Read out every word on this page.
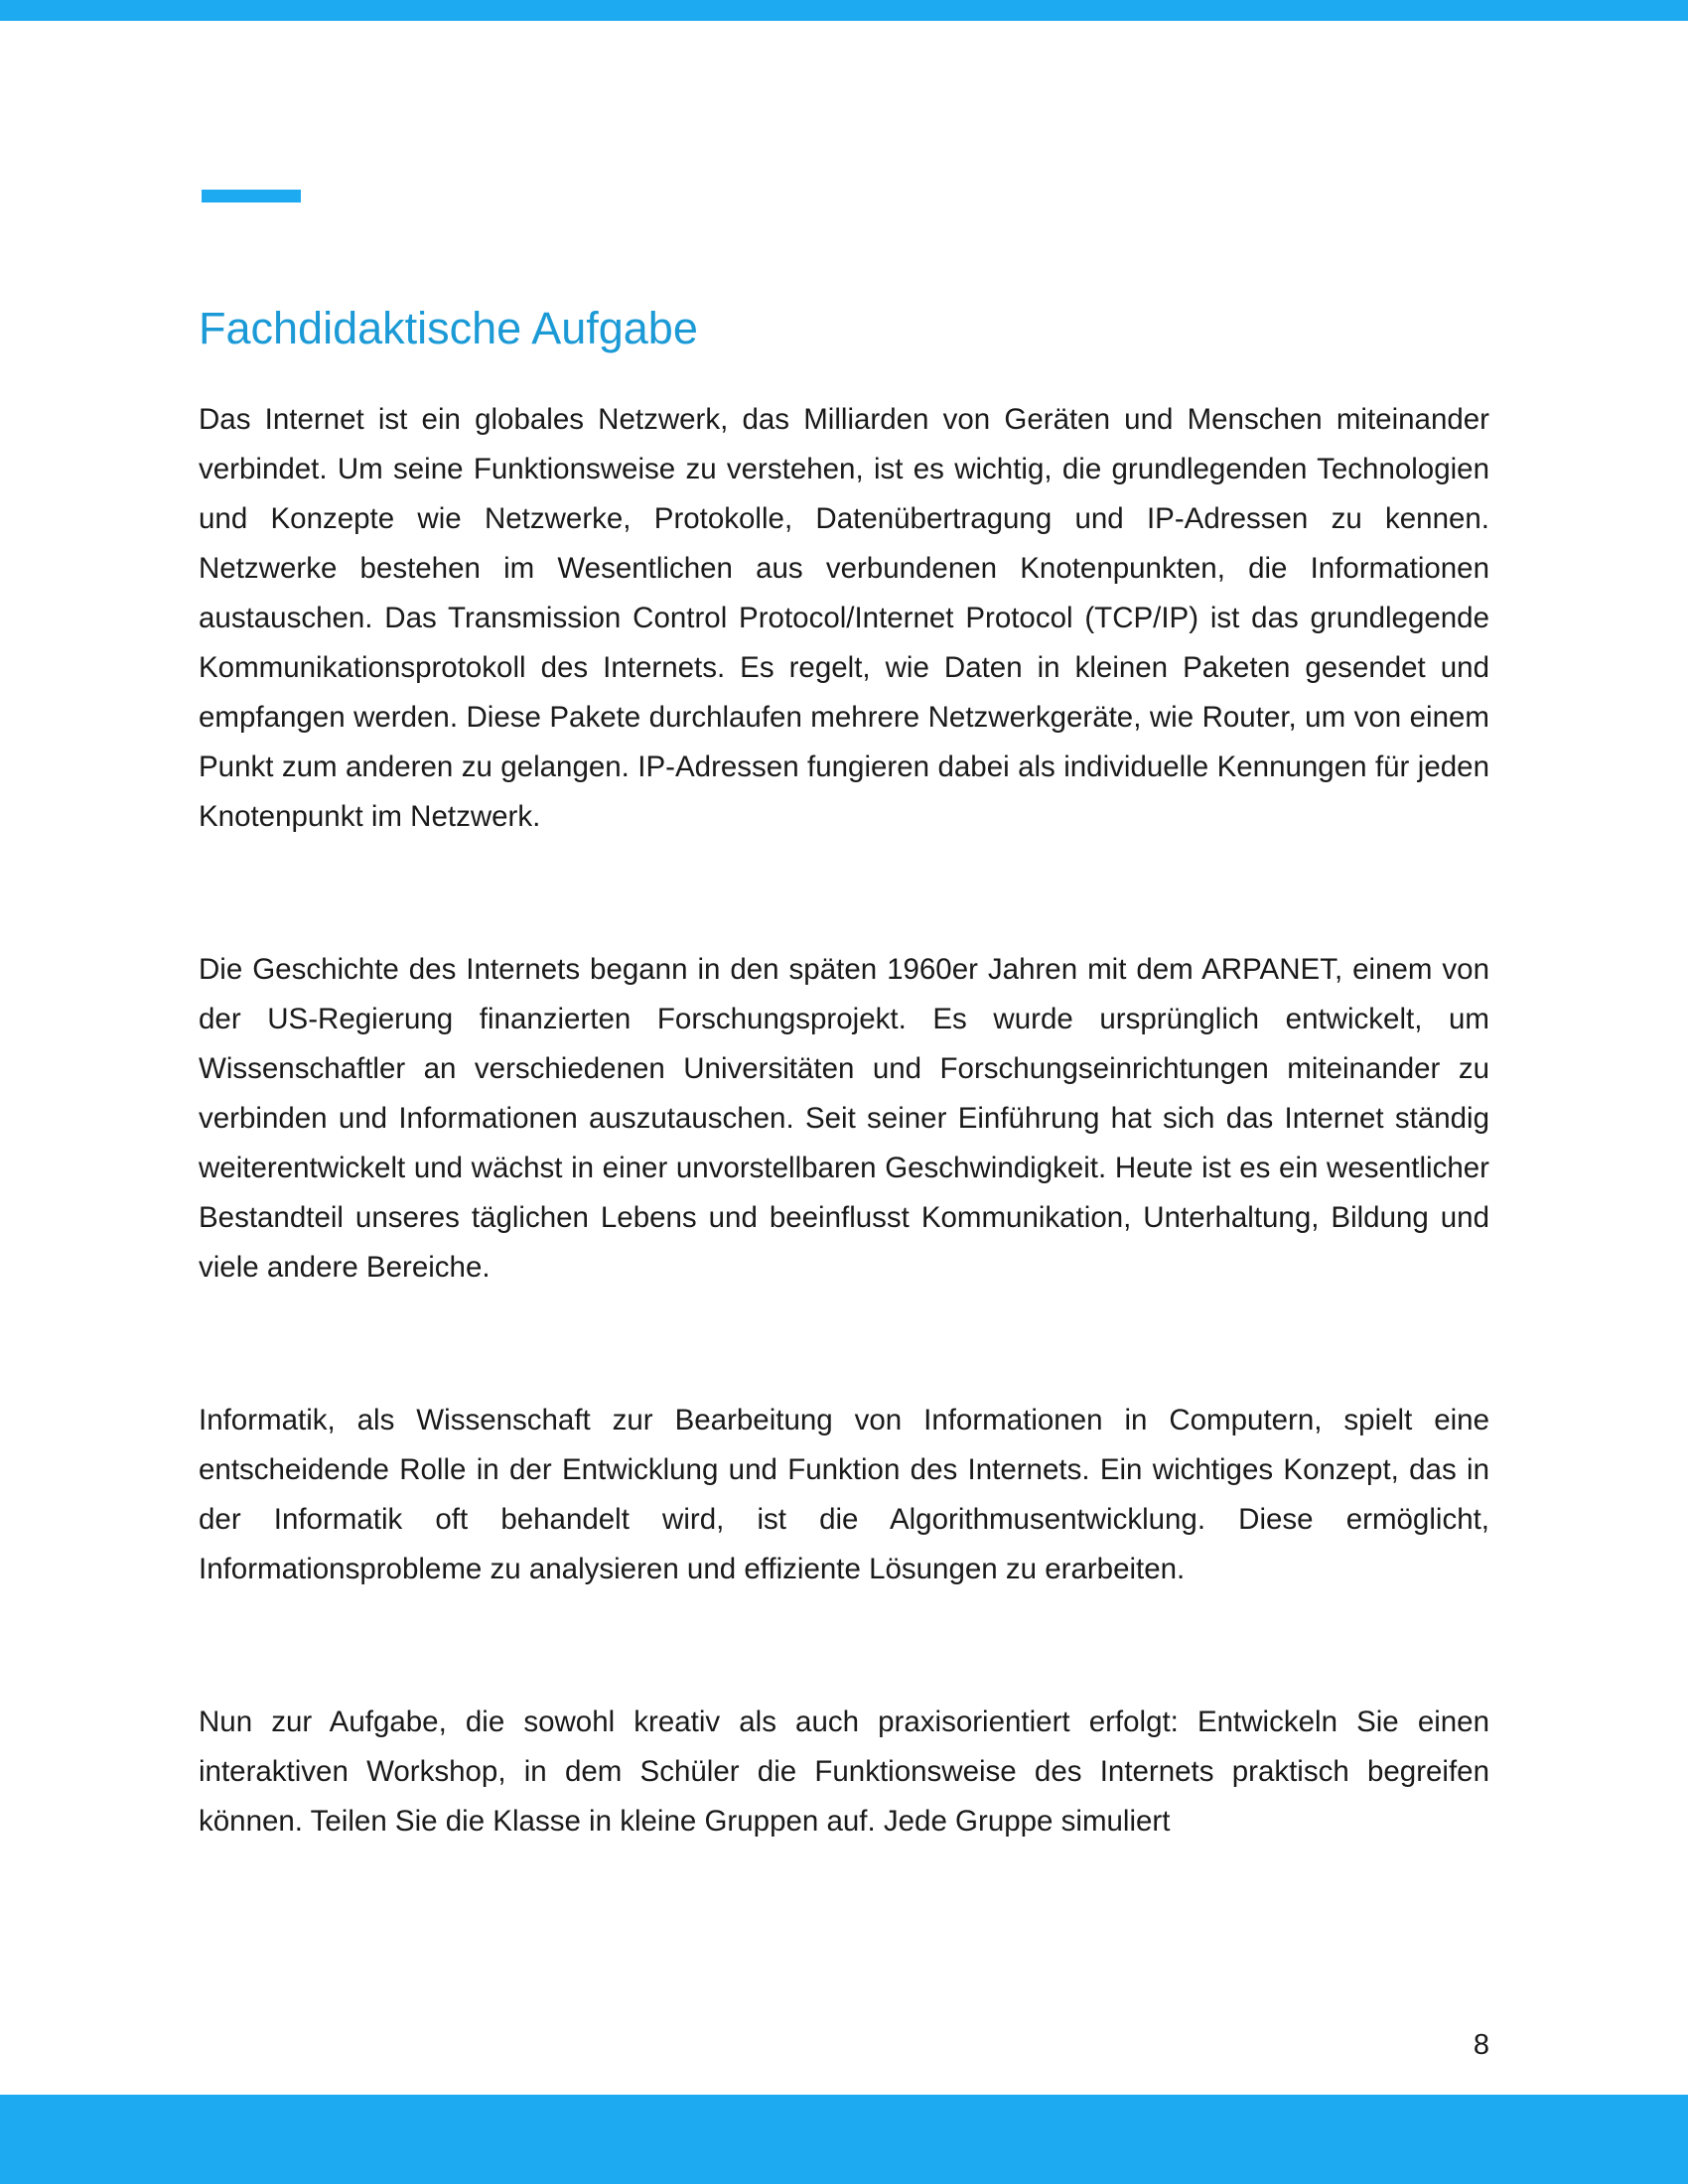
Fachdidaktische Aufgabe

Das Internet ist ein globales Netzwerk, das Milliarden von Geräten und Menschen miteinander verbindet. Um seine Funktionsweise zu verstehen, ist es wichtig, die grundlegenden Technologien und Konzepte wie Netzwerke, Protokolle, Datenübertragung und IP-Adressen zu kennen. Netzwerke bestehen im Wesentlichen aus verbundenen Knotenpunkten, die Informationen austauschen. Das Transmission Control Protocol/Internet Protocol (TCP/IP) ist das grundlegende Kommunikationsprotokoll des Internets. Es regelt, wie Daten in kleinen Paketen gesendet und empfangen werden. Diese Pakete durchlaufen mehrere Netzwerkgeräte, wie Router, um von einem Punkt zum anderen zu gelangen. IP-Adressen fungieren dabei als individuelle Kennungen für jeden Knotenpunkt im Netzwerk.

Die Geschichte des Internets begann in den späten 1960er Jahren mit dem ARPANET, einem von der US-Regierung finanzierten Forschungsprojekt. Es wurde ursprünglich entwickelt, um Wissenschaftler an verschiedenen Universitäten und Forschungseinrichtungen miteinander zu verbinden und Informationen auszutauschen. Seit seiner Einführung hat sich das Internet ständig weiterentwickelt und wächst in einer unvorstellbaren Geschwindigkeit. Heute ist es ein wesentlicher Bestandteil unseres täglichen Lebens und beeinflusst Kommunikation, Unterhaltung, Bildung und viele andere Bereiche.

Informatik, als Wissenschaft zur Bearbeitung von Informationen in Computern, spielt eine entscheidende Rolle in der Entwicklung und Funktion des Internets. Ein wichtiges Konzept, das in der Informatik oft behandelt wird, ist die Algorithmusentwicklung. Diese ermöglicht, Informationsprobleme zu analysieren und effiziente Lösungen zu erarbeiten.

Nun zur Aufgabe, die sowohl kreativ als auch praxisorientiert erfolgt: Entwickeln Sie einen interaktiven Workshop, in dem Schüler die Funktionsweise des Internets praktisch begreifen können. Teilen Sie die Klasse in kleine Gruppen auf. Jede Gruppe simuliert

8
